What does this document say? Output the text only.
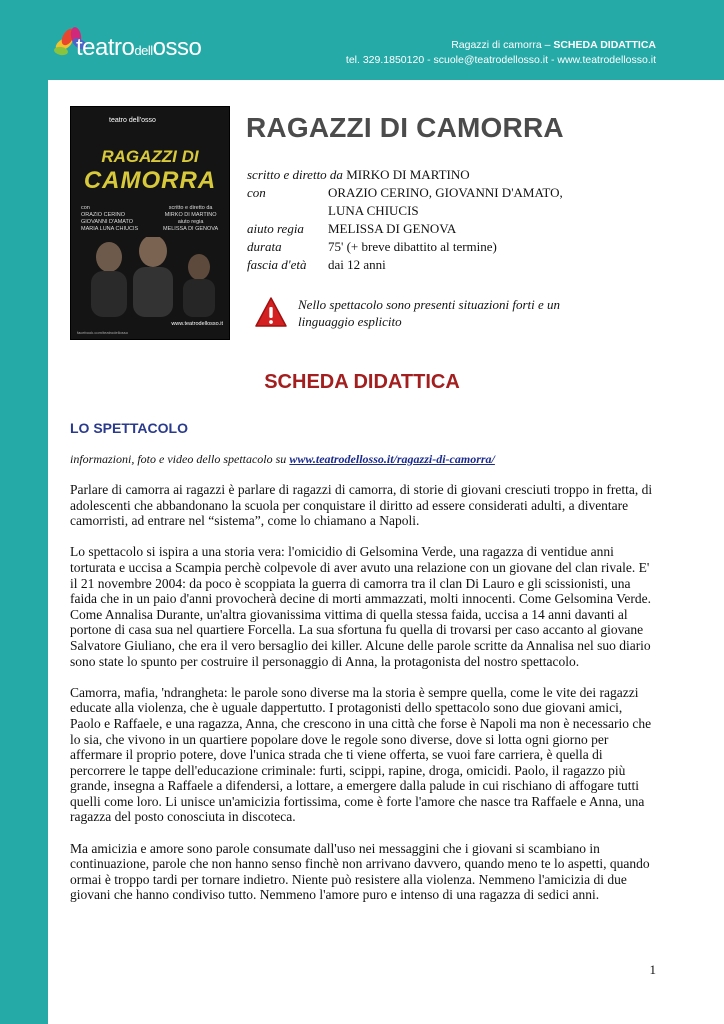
teatrodellosso	Ragazzi di camorra – SCHEDA DIDATTICA
tel. 329.1850120 - scuole@teatrodellosso.it - www.teatrodellosso.it
teatro dell'osso
RAGAZZI DI
CAMORRA
con
ORAZIO CERINO
GIOVANNI D'AMATO
MARIA LUNA CHIUCIS
scritto e diretto da
MIRKO DI MARTINO
aiuto regia
MELISSA DI GENOVA
www.teatrodellosso.it
facebook.com/teatrodellosso
RAGAZZI DI CAMORRA
scritto e diretto da MIRKO DI MARTINO
con	ORAZIO CERINO, GIOVANNI D'AMATO,
LUNA CHIUCIS
aiuto regia MELISSA DI GENOVA
durata	75' (+ breve dibattito al termine)
fascia d'età dai 12 anni
Nello spettacolo sono presenti situazioni forti e un linguaggio esplicito
SCHEDA DIDATTICA
LO SPETTACOLO
informazioni, foto e video dello spettacolo su www.teatrodellosso.it/ragazzi-di-camorra/

Parlare di camorra ai ragazzi è parlare di ragazzi di camorra, di storie di giovani cresciuti troppo in fretta, di adolescenti che abbandonano la scuola per conquistare il diritto ad essere considerati adulti, a diventare camorristi, ad entrare nel “sistema”, come lo chiamano a Napoli.

Lo spettacolo si ispira a una storia vera: l'omicidio di Gelsomina Verde, una ragazza di ventidue anni torturata e uccisa a Scampia perchè colpevole di aver avuto una relazione con un giovane del clan rivale. E' il 21 novembre 2004: da poco è scoppiata la guerra di camorra tra il clan Di Lauro e gli scissionisti, una faida che in un paio d'anni provocherà decine di morti ammazzati, molti innocenti. Come Gelsomina Verde. Come Annalisa Durante, un'altra giovanissima vittima di quella stessa faida, uccisa a 14 anni davanti al portone di casa sua nel quartiere Forcella. La sua sfortuna fu quella di trovarsi per caso accanto al giovane Salvatore Giuliano, che era il vero bersaglio dei killer. Alcune delle parole scritte da Annalisa nel suo diario sono state lo spunto per costruire il personaggio di Anna, la protagonista del nostro spettacolo.

Camorra, mafia, 'ndrangheta: le parole sono diverse ma la storia è sempre quella, come le vite dei ragazzi educate alla violenza, che è uguale dappertutto. I protagonisti dello spettacolo sono due giovani amici, Paolo e Raffaele, e una ragazza, Anna, che crescono in una città che forse è Napoli ma non è necessario che lo sia, che vivono in un quartiere popolare dove le regole sono diverse, dove si lotta ogni giorno per affermare il proprio potere, dove l'unica strada che ti viene offerta, se vuoi fare carriera, è quella di percorrere le tappe dell'educazione criminale: furti, scippi, rapine, droga, omicidi. Paolo, il ragazzo più grande, insegna a Raffaele a difendersi, a lottare, a emergere dalla palude in cui rischiano di affogare tutti quelli come loro. Li unisce un'amicizia fortissima, come è forte l'amore che nasce tra Raffaele e Anna, una ragazza del posto conosciuta in discoteca.

Ma amicizia e amore sono parole consumate dall'uso nei messaggini che i giovani si scambiano in continuazione, parole che non hanno senso finchè non arrivano davvero, quando meno te lo aspetti, quando ormai è troppo tardi per tornare indietro. Niente può resistere alla violenza. Nemmeno l'amicizia di due giovani che hanno condiviso tutto. Nemmeno l'amore puro e intenso di una ragazza di sedici anni.

1
